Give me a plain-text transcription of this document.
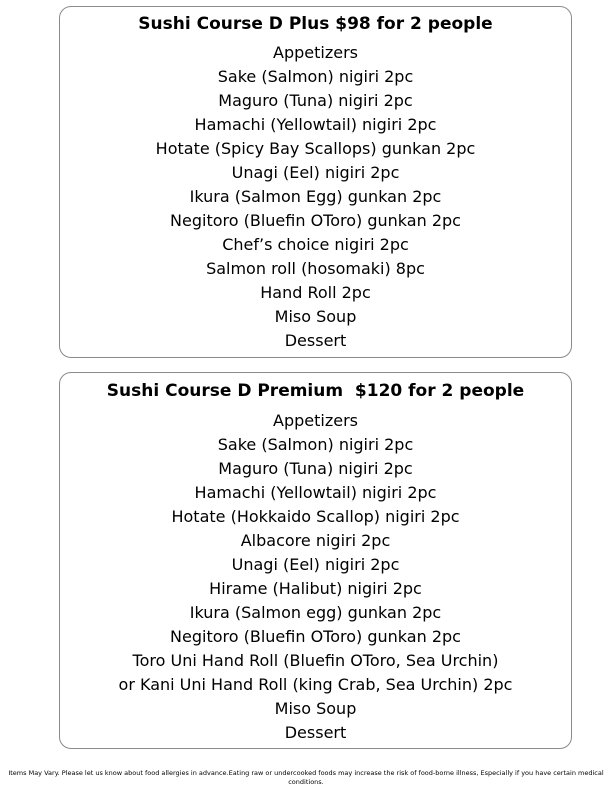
Sushi Course D Plus $98 for 2 people
Appetizers
Sake (Salmon) nigiri 2pc
Maguro (Tuna) nigiri 2pc
Hamachi (Yellowtail) nigiri 2pc
Hotate (Spicy Bay Scallops) gunkan 2pc
Unagi (Eel) nigiri 2pc
Ikura (Salmon Egg) gunkan 2pc
Negitoro (Bluefin OToro) gunkan 2pc
Chef’s choice nigiri 2pc
Salmon roll (hosomaki) 8pc
Hand Roll 2pc
Miso Soup
Dessert
Sushi Course D Premium  $120 for 2 people
Appetizers
Sake (Salmon) nigiri 2pc
Maguro (Tuna) nigiri 2pc
Hamachi (Yellowtail) nigiri 2pc
Hotate (Hokkaido Scallop) nigiri 2pc
Albacore nigiri 2pc
Unagi (Eel) nigiri 2pc
Hirame (Halibut) nigiri 2pc
Ikura (Salmon egg) gunkan 2pc
Negitoro (Bluefin OToro) gunkan 2pc
Toro Uni Hand Roll (Bluefin OToro, Sea Urchin)
or Kani Uni Hand Roll (king Crab, Sea Urchin) 2pc
Miso Soup
Dessert

Items May Vary. Please let us know about food allergies in advance.Eating raw or undercooked foods may increase the risk of food-borne illness, Especially if you have certain medical conditions.
